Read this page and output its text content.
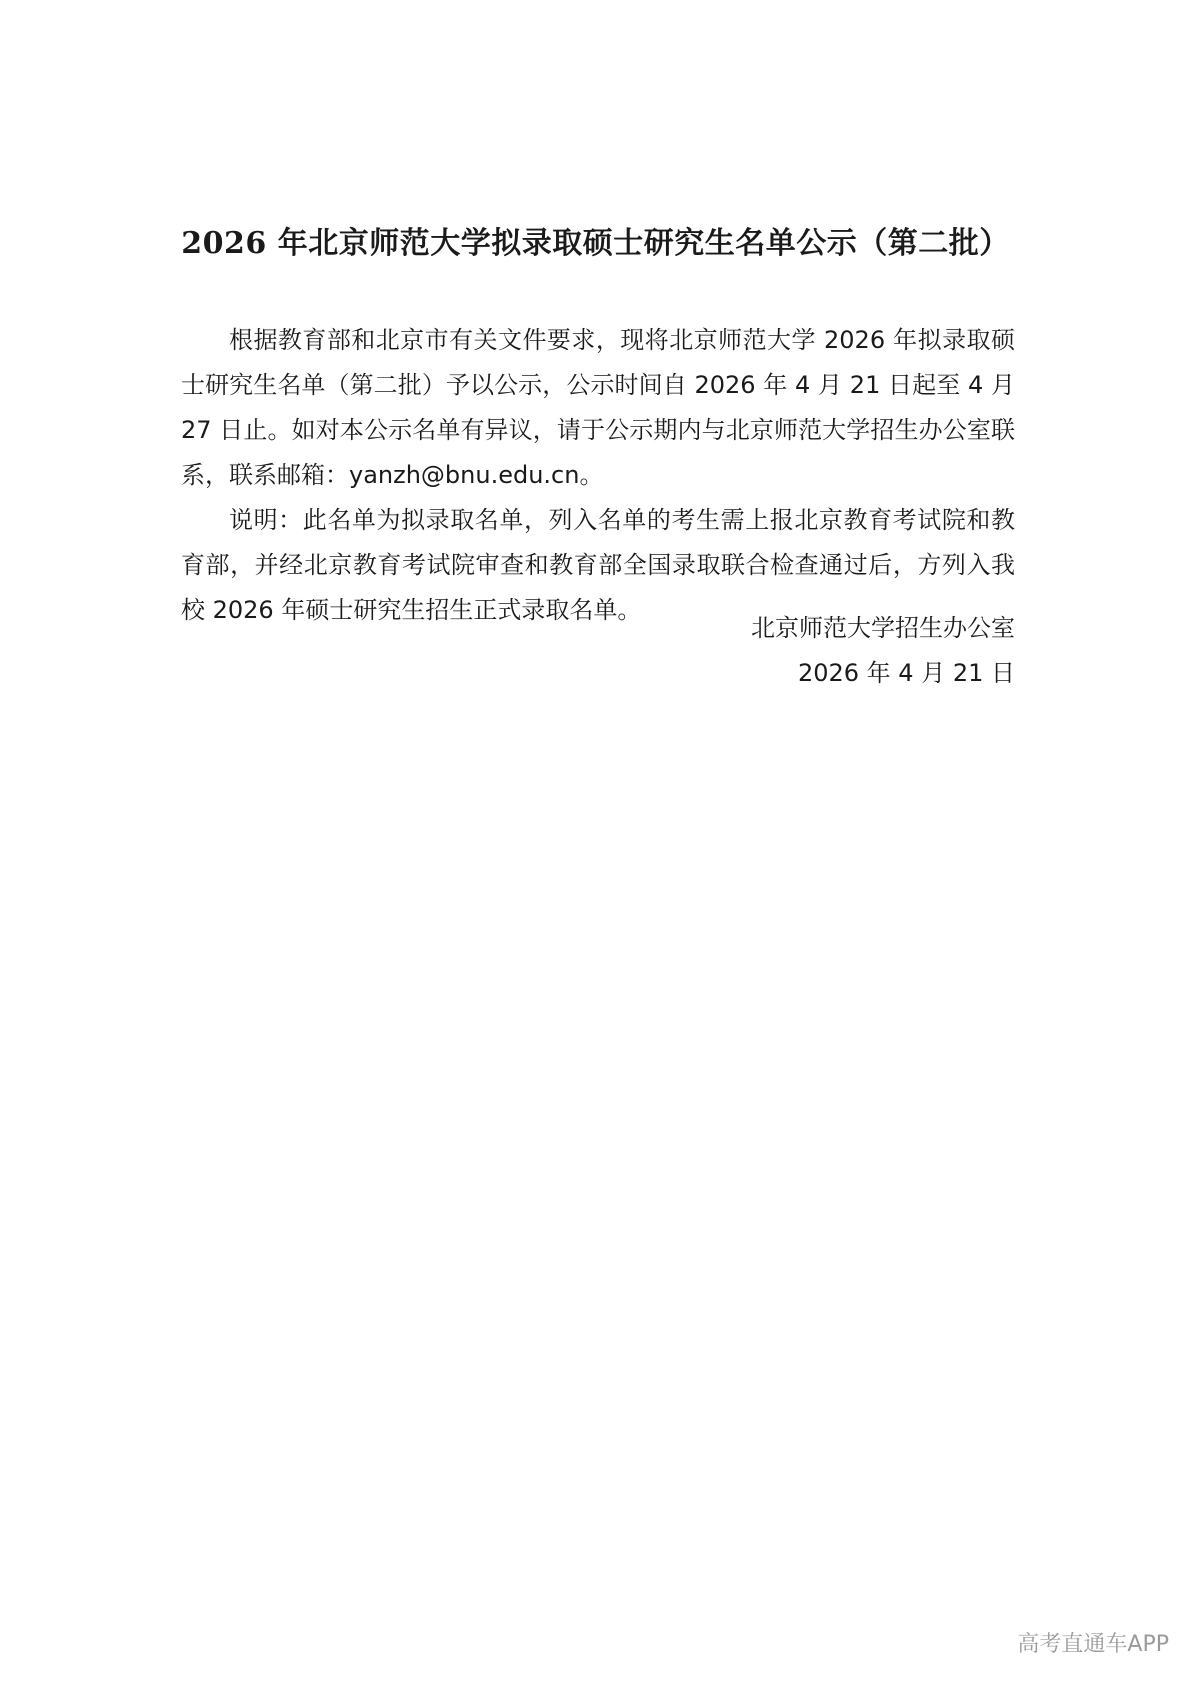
2026 年北京师范大学拟录取硕士研究生名单公示（第二批）

根据教育部和北京市有关文件要求，现将北京师范大学 2026 年拟录取硕士研究生名单（第二批）予以公示，公示时间自 2026 年 4 月 21 日起至 4 月 27 日止。如对本公示名单有异议，请于公示期内与北京师范大学招生办公室联系，联系邮箱：yanzh@bnu.edu.cn。

说明：此名单为拟录取名单，列入名单的考生需上报北京教育考试院和教育部，并经北京教育考试院审查和教育部全国录取联合检查通过后，方列入我校 2026 年硕士研究生招生正式录取名单。

北京师范大学招生办公室
2026 年 4 月 21 日
高考直通车APP
